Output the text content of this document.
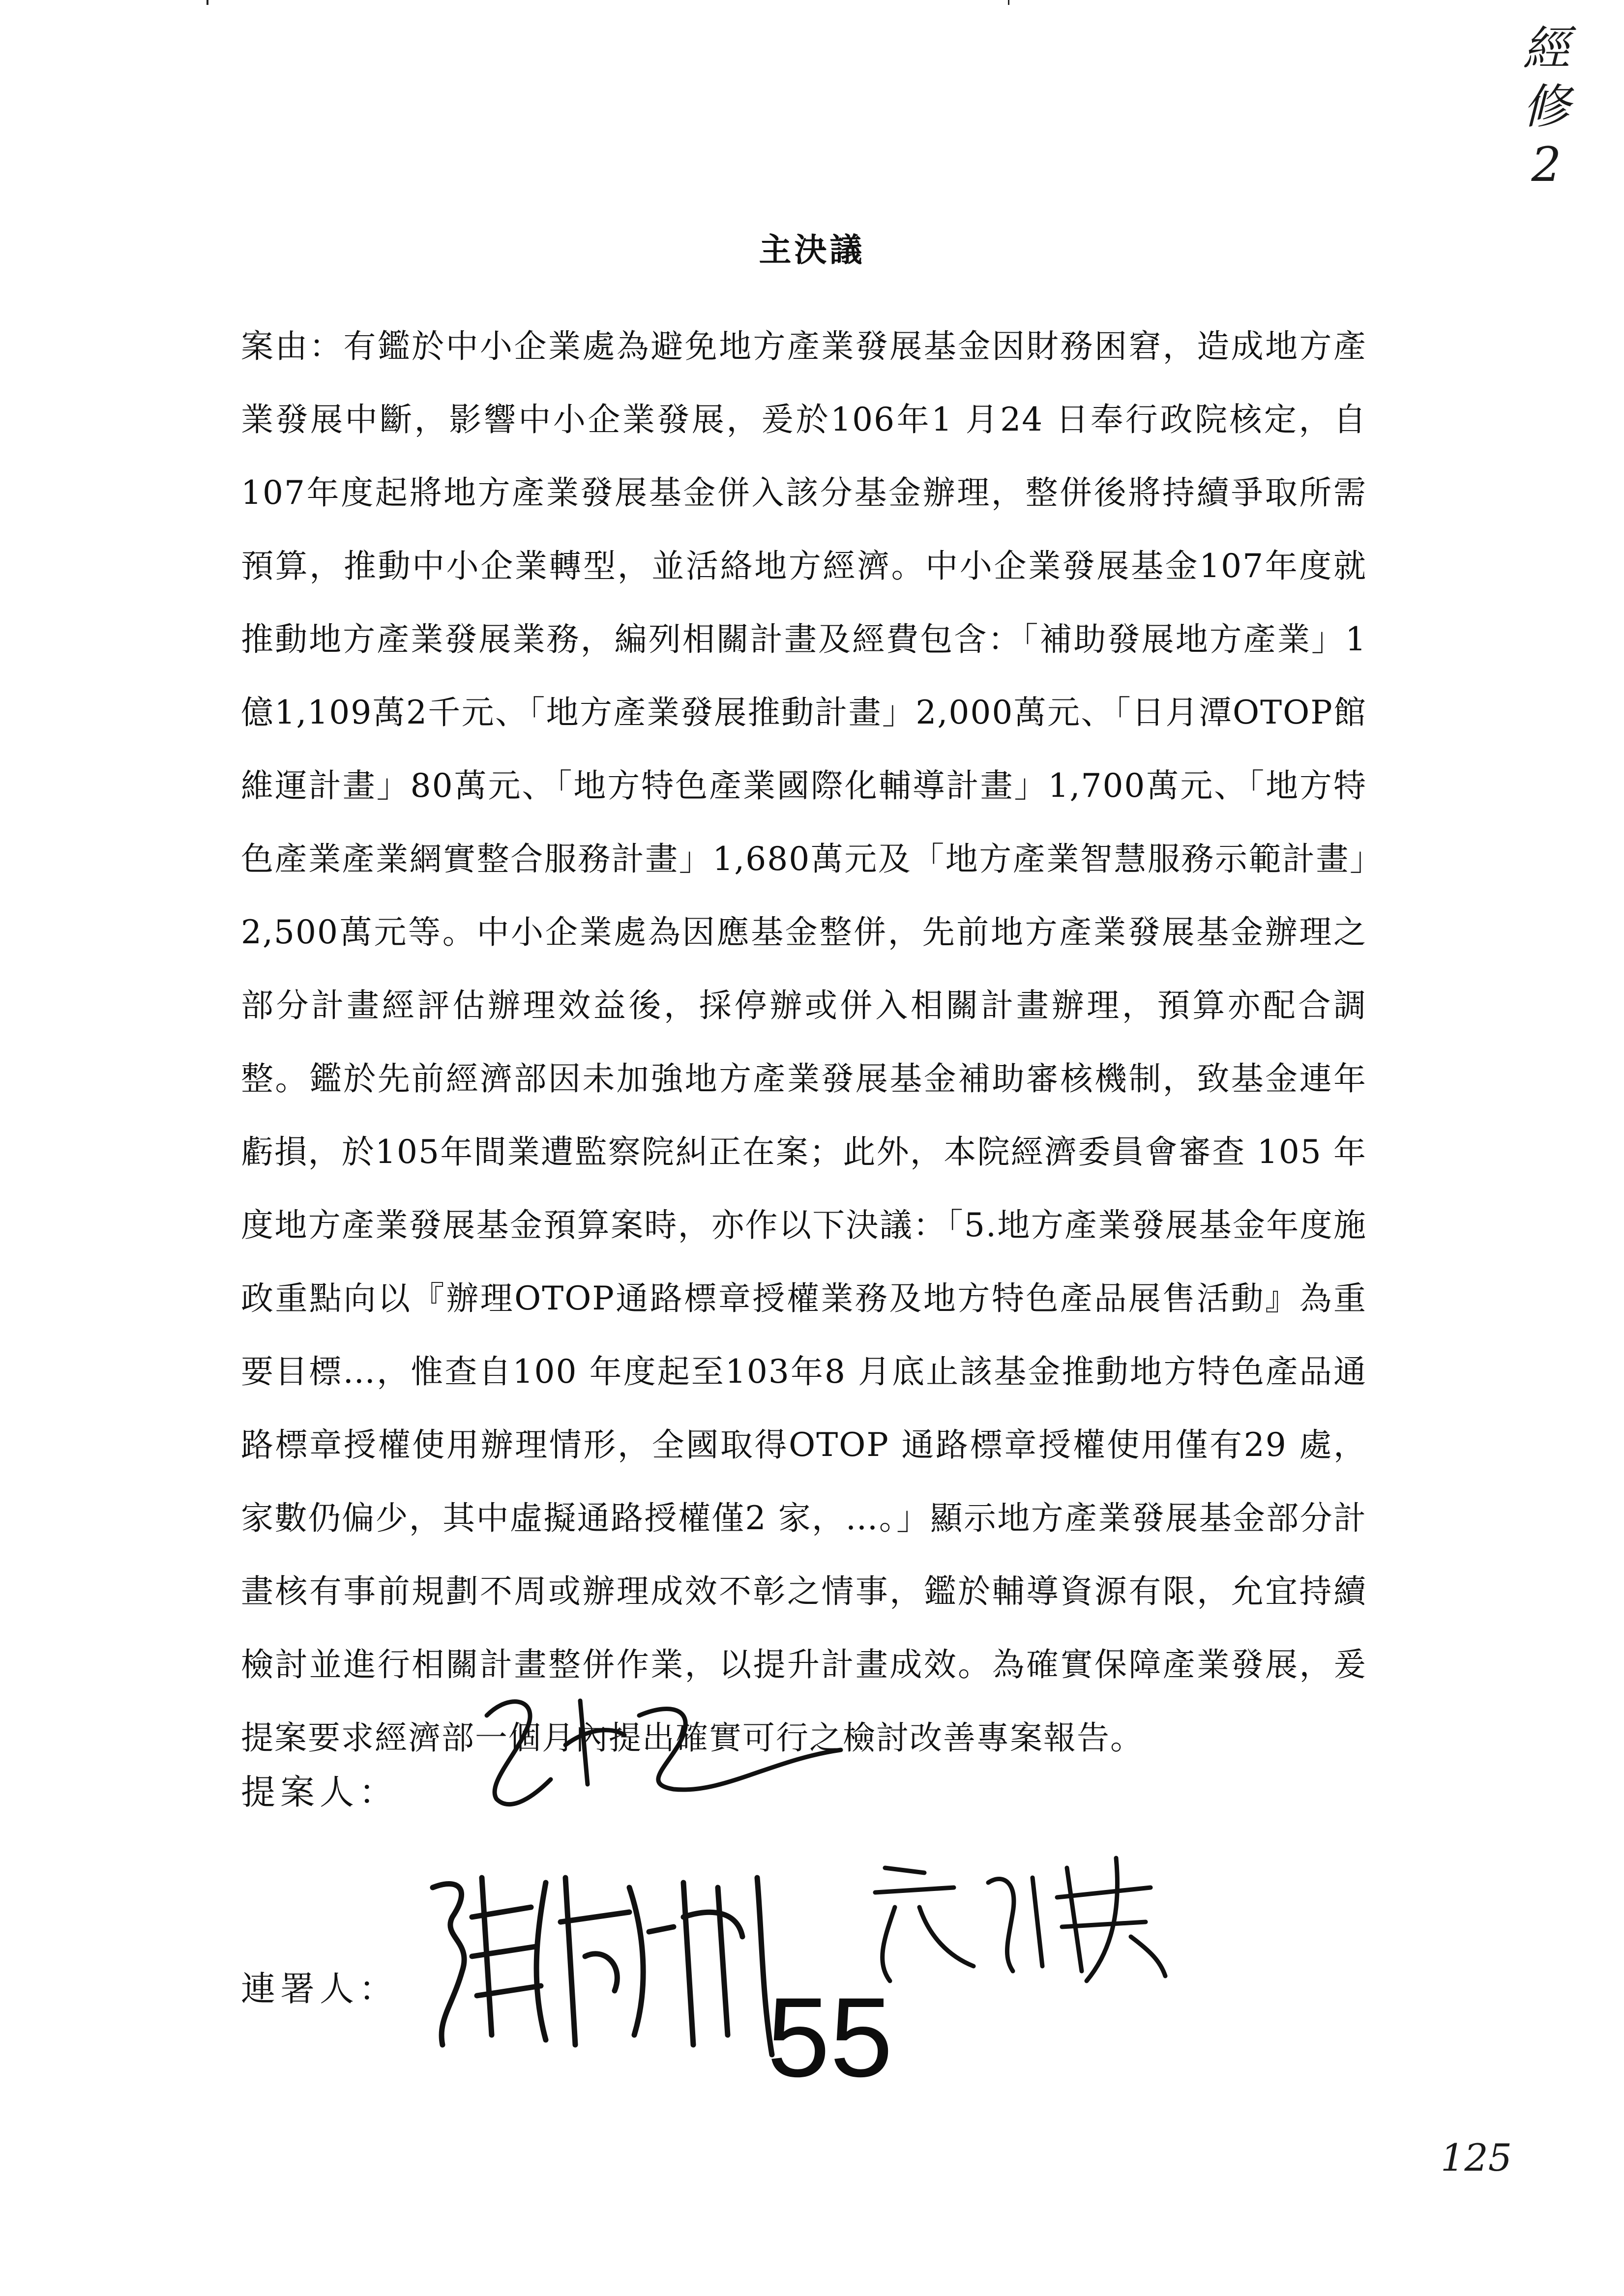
經
修
2
主決議
案由：有鑑於中小企業處為避免地方產業發展基金因財務困窘，造成地方產業發展中斷，影響中小企業發展，爰於106年1 月24 日奉行政院核定，自107年度起將地方產業發展基金併入該分基金辦理，整併後將持續爭取所需預算，推動中小企業轉型，並活絡地方經濟。中小企業發展基金107年度就推動地方產業發展業務，編列相關計畫及經費包含：「補助發展地方產業」1億1,109萬2千元、「地方產業發展推動計畫」2,000萬元、「日月潭OTOP館維運計畫」80萬元、「地方特色產業國際化輔導計畫」1,700萬元、「地方特色產業產業網實整合服務計畫」1,680萬元及「地方產業智慧服務示範計畫」2,500萬元等。中小企業處為因應基金整併，先前地方產業發展基金辦理之部分計畫經評估辦理效益後，採停辦或併入相關計畫辦理，預算亦配合調整。鑑於先前經濟部因未加強地方產業發展基金補助審核機制，致基金連年虧損，於105年間業遭監察院糾正在案；此外，本院經濟委員會審查 105 年度地方產業發展基金預算案時，亦作以下決議：「5.地方產業發展基金年度施政重點向以『辦理OTOP通路標章授權業務及地方特色產品展售活動』為重要目標…，惟查自100 年度起至103年8 月底止該基金推動地方特色產品通路標章授權使用辦理情形，全國取得OTOP 通路標章授權使用僅有29 處，家數仍偏少，其中虛擬通路授權僅2 家，…。」顯示地方產業發展基金部分計畫核有事前規劃不周或辦理成效不彰之情事，鑑於輔導資源有限，允宜持續檢討並進行相關計畫整併作業，以提升計畫成效。為確實保障產業發展，爰提案要求經濟部一個月內提出確實可行之檢討改善專案報告。
提案人：
連署人：	55
125
